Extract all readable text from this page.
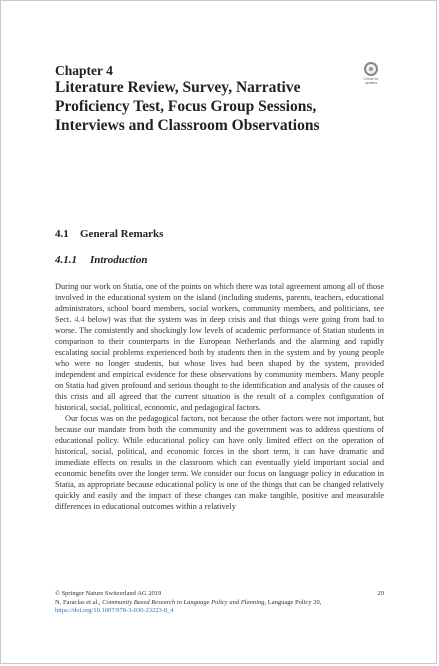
Chapter 4
Literature Review, Survey, Narrative Proficiency Test, Focus Group Sessions, Interviews and Classroom Observations
Check for updates
4.1 General Remarks
4.1.1 Introduction

During our work on Statia, one of the points on which there was total agreement among all of those involved in the educational system on the island (including students, parents, teachers, educational administrators, school board members, social workers, community members, and politicians, see Sect. 4.4 below) was that the system was in deep crisis and that things were going from bad to worse. The consistently and shockingly low levels of academic performance of Statian students in comparison to their counterparts in the European Netherlands and the alarming and rapidly escalating social problems experienced both by students then in the system and by young people who were no longer students, but whose lives had been shaped by the system, provided independent and empirical evidence for these observations by community members. Many people on Statia had given profound and serious thought to the identification and analysis of the causes of this crisis and all agreed that the current situation is the result of a complex configuration of historical, social, political, economic, and pedagogical factors.

Our focus was on the pedagogical factors, not because the other factors were not important, but because our mandate from both the community and the government was to address questions of educational policy. While educational policy can have only limited effect on the operation of historical, social, political, and economic forces in the short term, it can have dramatic and immediate effects on results in the classroom which can eventually yield important social and economic benefits over the longer term. We consider our focus on language policy in education in Statia, as appropriate because educational policy is one of the things that can be changed relatively quickly and easily and the impact of these changes can make tangible, positive and measurable differences in educational outcomes within a relatively

© Springer Nature Switzerland AG 2019	29
N. Faraclas et al., Community Based Research in Language Policy and Planning, Language Policy 20, https://doi.org/10.1007/978-3-030-23223-8_4
